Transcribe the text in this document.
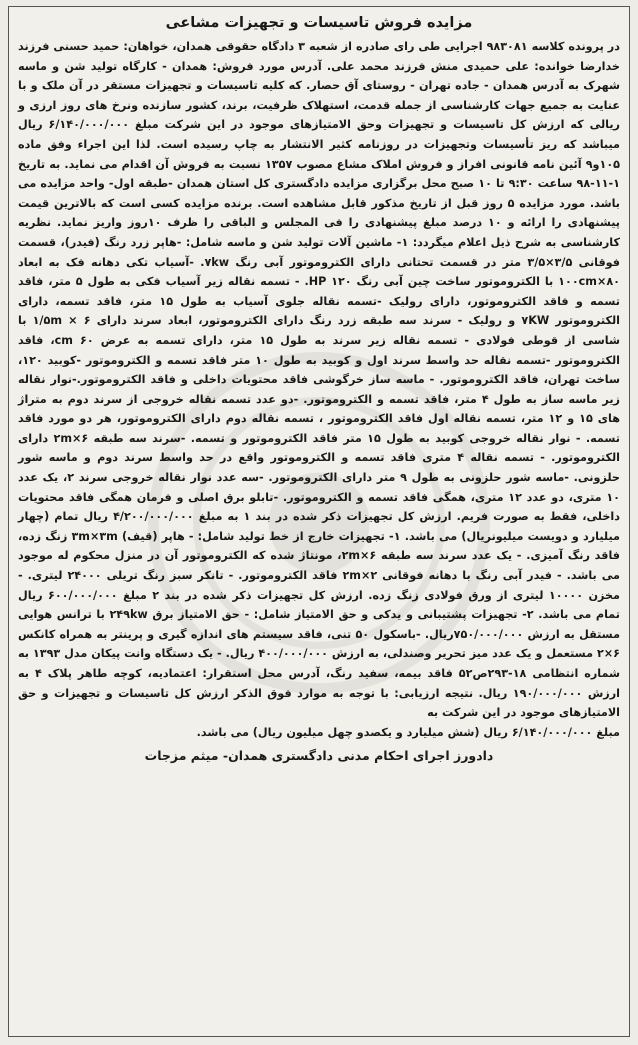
مزایده فروش تاسیسات و تجهیزات مشاعی

در پرونده کلاسه ۹۸۳۰۸۱ اجرایی طی رای صادره از شعبه ۳ دادگاه حقوقی همدان، خواهان: حمید حسنی فرزند خدارضا خوانده: علی حمیدی منش فرزند محمد علی. آدرس مورد فروش: همدان - کارگاه تولید شن و ماسه شهرک به آدرس همدان - جاده تهران - روستای آق حصار. که کلیه تاسیسات و تجهیزات مستقر در آن ملک و با عنایت به جمیع جهات کارشناسی از جمله قدمت، استهلاک ظرفیت، برند، کشور سازنده ونرخ های روز ارزی و ریالی که ارزش کل تاسیسات و تجهیزات وحق الامتیازهای موجود در این شرکت مبلغ ۶/۱۴۰/۰۰۰/۰۰۰ ریال میباشد که ریز تأسیسات وتجهیزات در روزنامه کثیر الانتشار به چاپ رسیده است. لذا این اجراء وفق ماده ۱۰۵و۹ آئین نامه قانونی افراز و فروش املاک مشاع مصوب ۱۳۵۷ نسبت به فروش آن اقدام می نماید. به تاریخ ۱-۱۱-۹۸ ساعت ۹:۳۰ تا ۱۰ صبح محل برگزاری مزایده دادگستری کل استان همدان -طبقه اول- واحد مزایده می باشد. مورد مزایده ۵ روز قبل از تاریخ مذکور قابل مشاهده است. برنده مزایده کسی است که بالاترین قیمت پیشنهادی را ارائه و ۱۰ درصد مبلغ پیشنهادی را فی المجلس و الباقی را ظرف ۱۰روز واریز نماید. نظریه کارشناسی به شرح ذیل اعلام میگردد: ۱- ماشین آلات تولید شن و ماسه شامل: -هاپر زرد رنگ (فیدر)، قسمت فوقانی ۳/۵×۳/۵ متر در قسمت تحتانی دارای الکتروموتور آبی رنگ ۷kw. -آسیاب تکی دهانه فک به ابعاد ۸۰×۱۰۰cm با الکتروموتور ساخت چین آبی رنگ HP ۱۲۰. - تسمه نقاله زیر آسیاب فکی به طول ۵ متر، فاقد تسمه و فاقد الکتروموتور، دارای رولیک -تسمه نقاله جلوی آسیاب به طول ۱۵ متر، فاقد تسمه، دارای الکتروموتور ۷KW و رولیک - سرند سه طبقه زرد رنگ دارای الکتروموتور، ابعاد سرند دارای ۱/۵m × ۶ با شاسی از قوطی فولادی - تسمه نقاله زیر سرند به طول ۱۵ متر، دارای تسمه به عرض ۶۰ cm، فاقد الکتروموتور -تسمه نقاله حد واسط سرند اول و کوبید به طول ۱۰ متر فاقد تسمه و الکتروموتور -کوبید ۱۲۰، ساخت تهران، فاقد الکتروموتور. - ماسه ساز خرگوشی فاقد محتویات داخلی و فاقد الکتروموتور.-نوار نقاله زیر ماسه ساز به طول ۴ متر، فاقد تسمه و الکتروموتور. -دو عدد تسمه نقاله خروجی از سرند دوم به متراژ های ۱۵ و ۱۲ متر، تسمه نقاله اول فاقد الکتروموتور ، تسمه نقاله دوم دارای الکتروموتور، هر دو مورد فاقد تسمه. - نوار نقاله خروجی کوبید به طول ۱۵ متر فاقد الکتروموتور و تسمه. -سرند سه طبقه ۲m×۶ دارای الکتروموتور. - تسمه نقاله ۴ متری فاقد تسمه و الکتروموتور واقع در حد واسط سرند دوم و ماسه شور حلزونی. -ماسه شور حلزونی به طول ۹ متر دارای الکتروموتور. -سه عدد نوار نقاله خروجی سرند ۲، یک عدد ۱۰ متری، دو عدد ۱۲ متری، همگی فاقد تسمه و الکتروموتور. -تابلو برق اصلی و فرمان همگی فاقد محتویات داخلی، فقط به صورت فریم. ارزش کل تجهیزات ذکر شده در بند ۱ به مبلغ ۴/۲۰۰/۰۰۰/۰۰۰ ریال تمام (چهار میلیارد و دویست میلیونریال) می باشد. ۱- تجهیزات خارج از خط تولید شامل: - هاپر (قیف) ۳m×۳m زنگ زده، فاقد رنگ آمیزی. - یک عدد سرند سه طبقه ۲m×۶، مونتاژ شده که الکتروموتور آن در منزل محکوم له موجود می باشد. - فیدر آبی رنگ با دهانه فوقانی ۲m×۲ فاقد الکتروموتور. - تانکر سبز رنگ تریلی ۲۴۰۰۰ لیتری. - مخزن ۱۰۰۰۰ لیتری از ورق فولادی زنگ زده. ارزش کل تجهیزات ذکر شده در بند ۲ مبلغ ۶۰۰/۰۰۰/۰۰۰ ریال تمام می باشد. ۲- تجهیزات پشتیبانی و یدکی و حق الامتیاز شامل: - حق الامتیاز برق ۲۴۹kw با ترانس هوایی مستقل به ارزش ۷۵۰/۰۰۰/۰۰۰ریال. -باسکول ۵۰ تنی، فاقد سیستم های اندازه گیری و پرینتر به همراه کانکس ۶×۲ مستعمل و یک عدد میز تحریر وصندلی، به ارزش ۴۰۰/۰۰۰/۰۰۰ ریال. - یک دستگاه وانت پیکان مدل ۱۳۹۳ به شماره انتظامی ۱۸-۲۹۳ص۵۲ فاقد بیمه، سفید رنگ، آدرس محل استقرار: اعتمادیه، کوچه طاهر پلاک ۴ به ارزش ۱۹۰/۰۰۰/۰۰۰ ریال. نتیجه ارزیابی: با توجه به موارد فوق الذکر ارزش کل تاسیسات و تجهیزات و حق الامتیازهای موجود در این شرکت به

مبلغ ۶/۱۴۰/۰۰۰/۰۰۰ ریال (شش میلیارد و یکصدو چهل میلیون ریال) می باشد.

دادورز اجرای احکام مدنی دادگستری همدان- میثم مزجات
